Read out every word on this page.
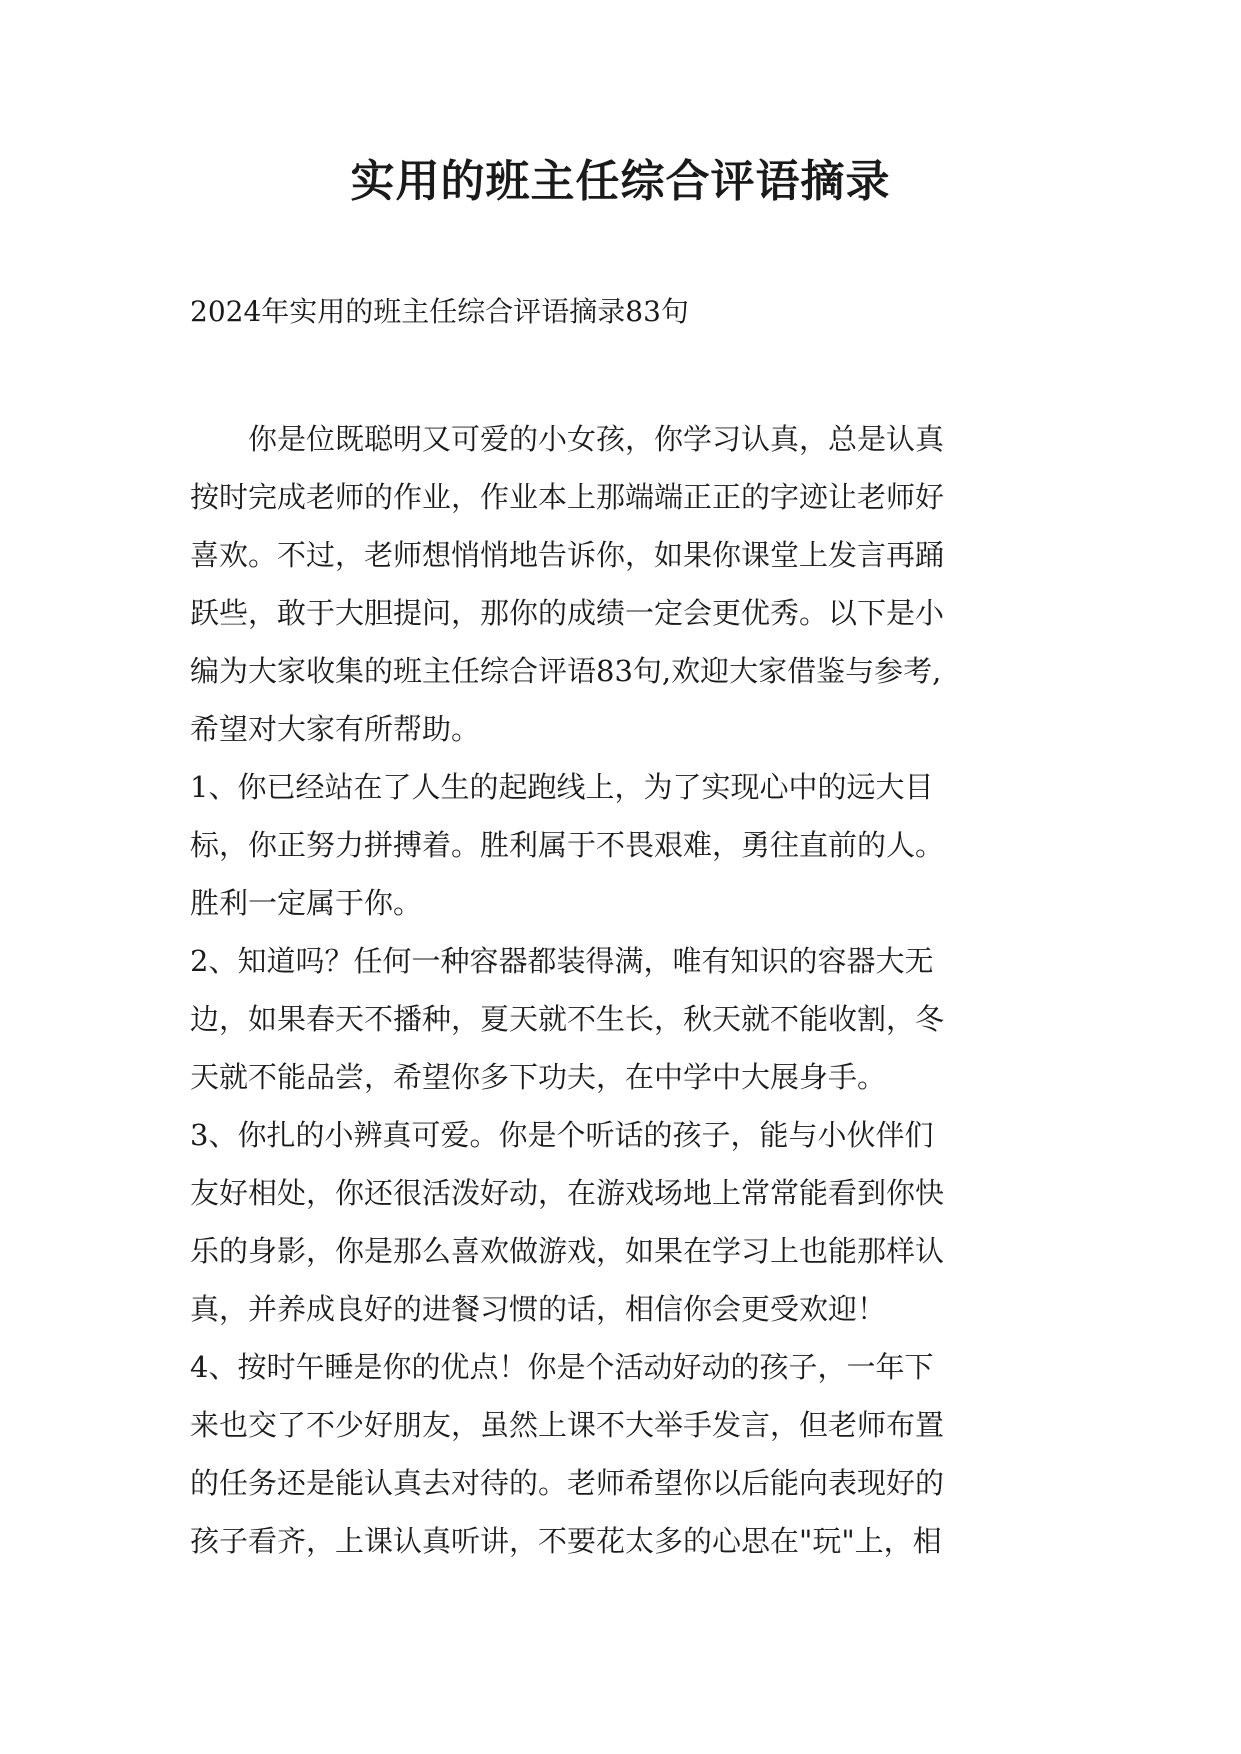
实用的班主任综合评语摘录
2024年实用的班主任综合评语摘录83句
　　你是位既聪明又可爱的小女孩，你学习认真，总是认真
按时完成老师的作业，作业本上那端端正正的字迹让老师好
喜欢。不过，老师想悄悄地告诉你，如果你课堂上发言再踊
跃些，敢于大胆提问，那你的成绩一定会更优秀。以下是小
编为大家收集的班主任综合评语83句,欢迎大家借鉴与参考,
希望对大家有所帮助。
1、你已经站在了人生的起跑线上，为了实现心中的远大目
标，你正努力拼搏着。胜利属于不畏艰难，勇往直前的人。
胜利一定属于你。
2、知道吗？任何一种容器都装得满，唯有知识的容器大无
边，如果春天不播种，夏天就不生长，秋天就不能收割，冬
天就不能品尝，希望你多下功夫，在中学中大展身手。
3、你扎的小辨真可爱。你是个听话的孩子，能与小伙伴们
友好相处，你还很活泼好动，在游戏场地上常常能看到你快
乐的身影，你是那么喜欢做游戏，如果在学习上也能那样认
真，并养成良好的进餐习惯的话，相信你会更受欢迎！
4、按时午睡是你的优点！你是个活动好动的孩子，一年下
来也交了不少好朋友，虽然上课不大举手发言，但老师布置
的任务还是能认真去对待的。老师希望你以后能向表现好的
孩子看齐，上课认真听讲，不要花太多的心思在"玩"上，相
